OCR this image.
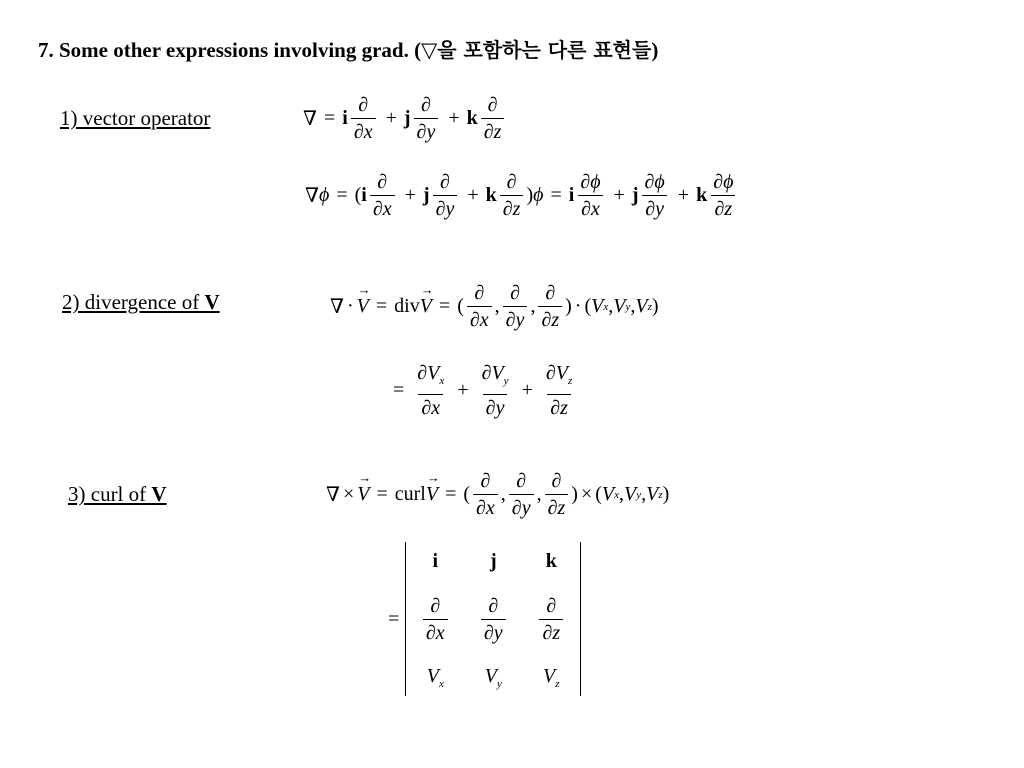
7. Some other expressions involving grad. (▽을 포함하는 다른 표현들)
1) vector operator	∇ = i $\frac{\partial}{\partial x} + j \frac{\partial}{\partial y} + k \frac{\partial}{\partial z}$
∇ ϕ = ( i $\frac{\partial}{\partial x} + j \frac{\partial}{\partial y} + k \frac{\partial}{\partial z}$ ) ϕ = i $\frac{\partial\phi}{\partial x} + j \frac{\partial\phi}{\partial y} + k \frac{\partial\phi}{\partial z}$
2) divergence of V	∇ · → V = div → V = ( $\frac{\partial}{\partial x}$ , $\frac{\partial}{\partial y}$ , $\frac{\partial}{\partial z}$ ) · ( V x , V y , V z )
= $\frac{\partial V_x}{\partial x} + \frac{\partial V_y}{\partial y} + \frac{\partial V_z}{\partial z}$
3) curl of V	∇ × → V = curl → V = ( $\frac{\partial}{\partial x}$ , $\frac{\partial}{\partial y}$ , $\frac{\partial}{\partial z}$ ) × ( V x , V y , V z )
=
i	j k
$\frac{\partial}{\partial x} \frac{\partial}{\partial y} \frac{\partial}{\partial z}$
$V_x$ $V_y$ $V_z$
